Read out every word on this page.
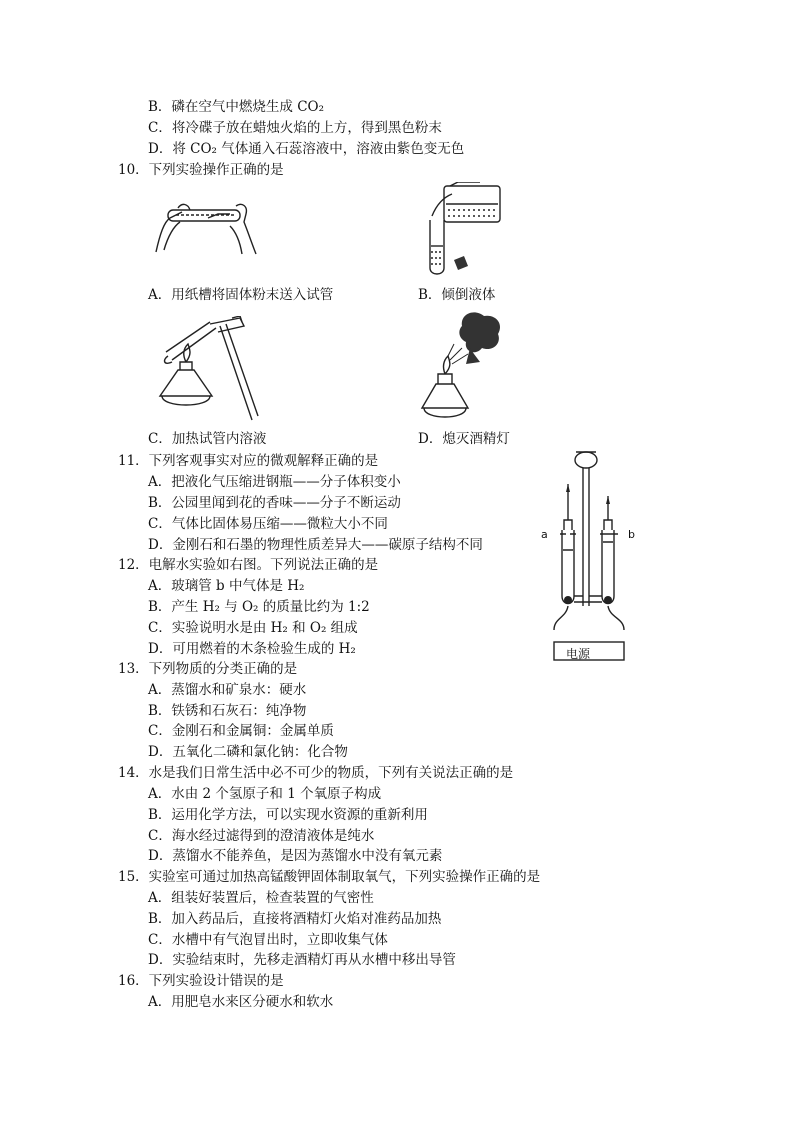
B．磷在空气中燃烧生成 CO₂
C．将冷碟子放在蜡烛火焰的上方，得到黑色粉末
D．将 CO₂ 气体通入石蕊溶液中，溶液由紫色变无色
10．下列实验操作正确的是
A．用纸槽将固体粉末送入试管	B．倾倒液体
C．加热试管内溶液	D．熄灭酒精灯
11．下列客观事实对应的微观解释正确的是
A．把液化气压缩进钢瓶——分子体积变小
B．公园里闻到花的香味——分子不断运动
C．气体比固体易压缩——微粒大小不同
D．金刚石和石墨的物理性质差异大——碳原子结构不同
12．电解水实验如右图。下列说法正确的是
A．玻璃管 b 中气体是 H₂
B．产生 H₂ 与 O₂ 的质量比约为 1:2
C．实验说明水是由 H₂ 和 O₂ 组成
D．可用燃着的木条检验生成的 H₂
a	b
电源
13．下列物质的分类正确的是
A．蒸馏水和矿泉水：硬水
B．铁锈和石灰石：纯净物
C．金刚石和金属铜：金属单质
D．五氧化二磷和氯化钠：化合物
14．水是我们日常生活中必不可少的物质，下列有关说法正确的是
A．水由 2 个氢原子和 1 个氧原子构成
B．运用化学方法，可以实现水资源的重新利用
C．海水经过滤得到的澄清液体是纯水
D．蒸馏水不能养鱼，是因为蒸馏水中没有氧元素
15．实验室可通过加热高锰酸钾固体制取氧气，下列实验操作正确的是
A．组装好装置后，检查装置的气密性
B．加入药品后，直接将酒精灯火焰对准药品加热
C．水槽中有气泡冒出时，立即收集气体
D．实验结束时，先移走酒精灯再从水槽中移出导管
16．下列实验设计错误的是
A．用肥皂水来区分硬水和软水
